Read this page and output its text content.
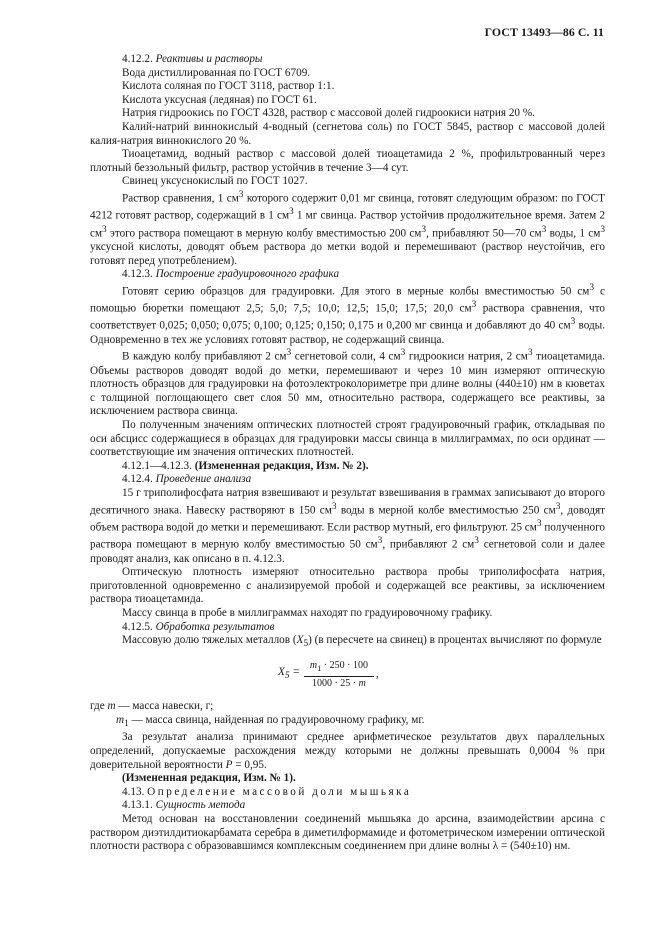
ГОСТ 13493—86 С. 11

4.12.2. Реактивы и растворы

Вода дистиллированная по ГОСТ 6709.

Кислота соляная по ГОСТ 3118, раствор 1:1.

Кислота уксусная (ледяная) по ГОСТ 61.

Натрия гидроокись по ГОСТ 4328, раствор с массовой долей гидроокиси натрия 20 %.

Калий-натрий виннокислый 4-водный (сегнетова соль) по ГОСТ 5845, раствор с массовой долей калия-натрия виннокислого 20 %.

Тиоацетамид, водный раствор с массовой долей тиоацетамида 2 %, профильтрованный через плотный беззольный фильтр, раствор устойчив в течение 3—4 сут.

Свинец уксуснокислый по ГОСТ 1027.

Раствор сравнения, 1 $см^3$ которого содержит 0,01 мг свинца, готовят следующим образом: по ГОСТ 4212 готовят раствор, содержащий в 1 $см^3$ 1 мг свинца. Раствор устойчив продолжительное время. Затем 2 $см^3$ этого раствора помещают в мерную колбу вместимостью 200 $см^3$, прибавляют 50—70 $см^3$ воды, 1 $см^3$ уксусной кислоты, доводят объем раствора до метки водой и перемешивают (раствор неустойчив, его готовят перед употреблением).

4.12.3. Построение градуировочного графика

Готовят серию образцов для градуировки. Для этого в мерные колбы вместимостью 50 $см^3$ с помощью бюретки помещают 2,5; 5,0; 7,5; 10,0; 12,5; 15,0; 17,5; 20,0 $см^3$ раствора сравнения, что соответствует 0,025; 0,050; 0,075; 0,100; 0,125; 0,150; 0,175 и 0,200 мг свинца и добавляют до 40 $см^3$ воды. Одновременно в тех же условиях готовят раствор, не содержащий свинца.

В каждую колбу прибавляют 2 $см^3$ сегнетовой соли, 4 $см^3$ гидроокиси натрия, 2 $см^3$ тиоацетамида. Объемы растворов доводят водой до метки, перемешивают и через 10 мин измеряют оптическую плотность образцов для градуировки на фотоэлектроколориметре при длине волны (440±10) нм в кюветах с толщиной поглощающего свет слоя 50 мм, относительно раствора, содержащего все реактивы, за исключением раствора свинца.

По полученным значениям оптических плотностей строят градуировочный график, откладывая по оси абсцисс содержащиеся в образцах для градуировки массы свинца в миллиграммах, по оси ординат — соответствующие им значения оптических плотностей.

4.12.1—4.12.3. (Измененная редакция, Изм. № 2).

4.12.4. Проведение анализа

15 г триполифосфата натрия взвешивают и результат взвешивания в граммах записывают до второго десятичного знака. Навеску растворяют в 150 $см^3$ воды в мерной колбе вместимостью 250 $см^3$, доводят объем раствора водой до метки и перемешивают. Если раствор мутный, его фильтруют. 25 $см^3$ полученного раствора помещают в мерную колбу вместимостью 50 $см^3$, прибавляют 2 $см^3$ сегнетовой соли и далее проводят анализ, как описано в п. 4.12.3.

Оптическую плотность измеряют относительно раствора пробы триполифосфата натрия, приготовленной одновременно с анализируемой пробой и содержащей все реактивы, за исключением раствора тиоацетамида.

Массу свинца в пробе в миллиграммах находят по градуировочному графику.

4.12.5. Обработка результатов

Массовую долю тяжелых металлов $(X_5)$ (в пересчете на свинец) в процентах вычисляют по формуле

$X_5 = \frac{m_1 \cdot 250 \cdot 100}{1000 \cdot 25 \cdot m}$ ,

где m — масса навески, г;

$m_1$ — масса свинца, найденная по градуировочному графику, мг.

За результат анализа принимают среднее арифметическое результатов двух параллельных определений, допускаемые расхождения между которыми не должны превышать 0,0004 % при доверительной вероятности P = 0,95.

(Измененная редакция, Изм. № 1).

4.13. Определение массовой доли мышьяка

4.13.1. Сущность метода

Метод основан на восстановлении соединений мышьяка до арсина, взаимодействии арсина с раствором диэтилдитиокарбамата серебра в диметилформамиде и фотометрическом измерении оптической плотности раствора с образовавшимся комплексным соединением при длине волны λ = (540±10) нм.
